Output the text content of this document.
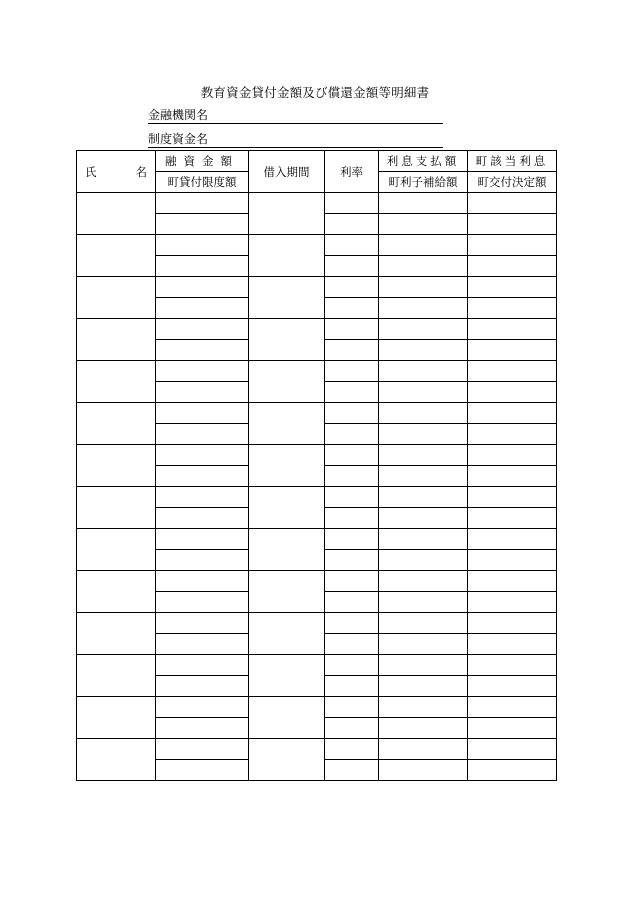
教育資金貸付金額及び償還金額等明細書
金融機関名
制度資金名
氏 名	融資金額	借入期間	利率	利息支払額	町該当利息
	町貸付限度額			町利子補給額	町交付決定額
